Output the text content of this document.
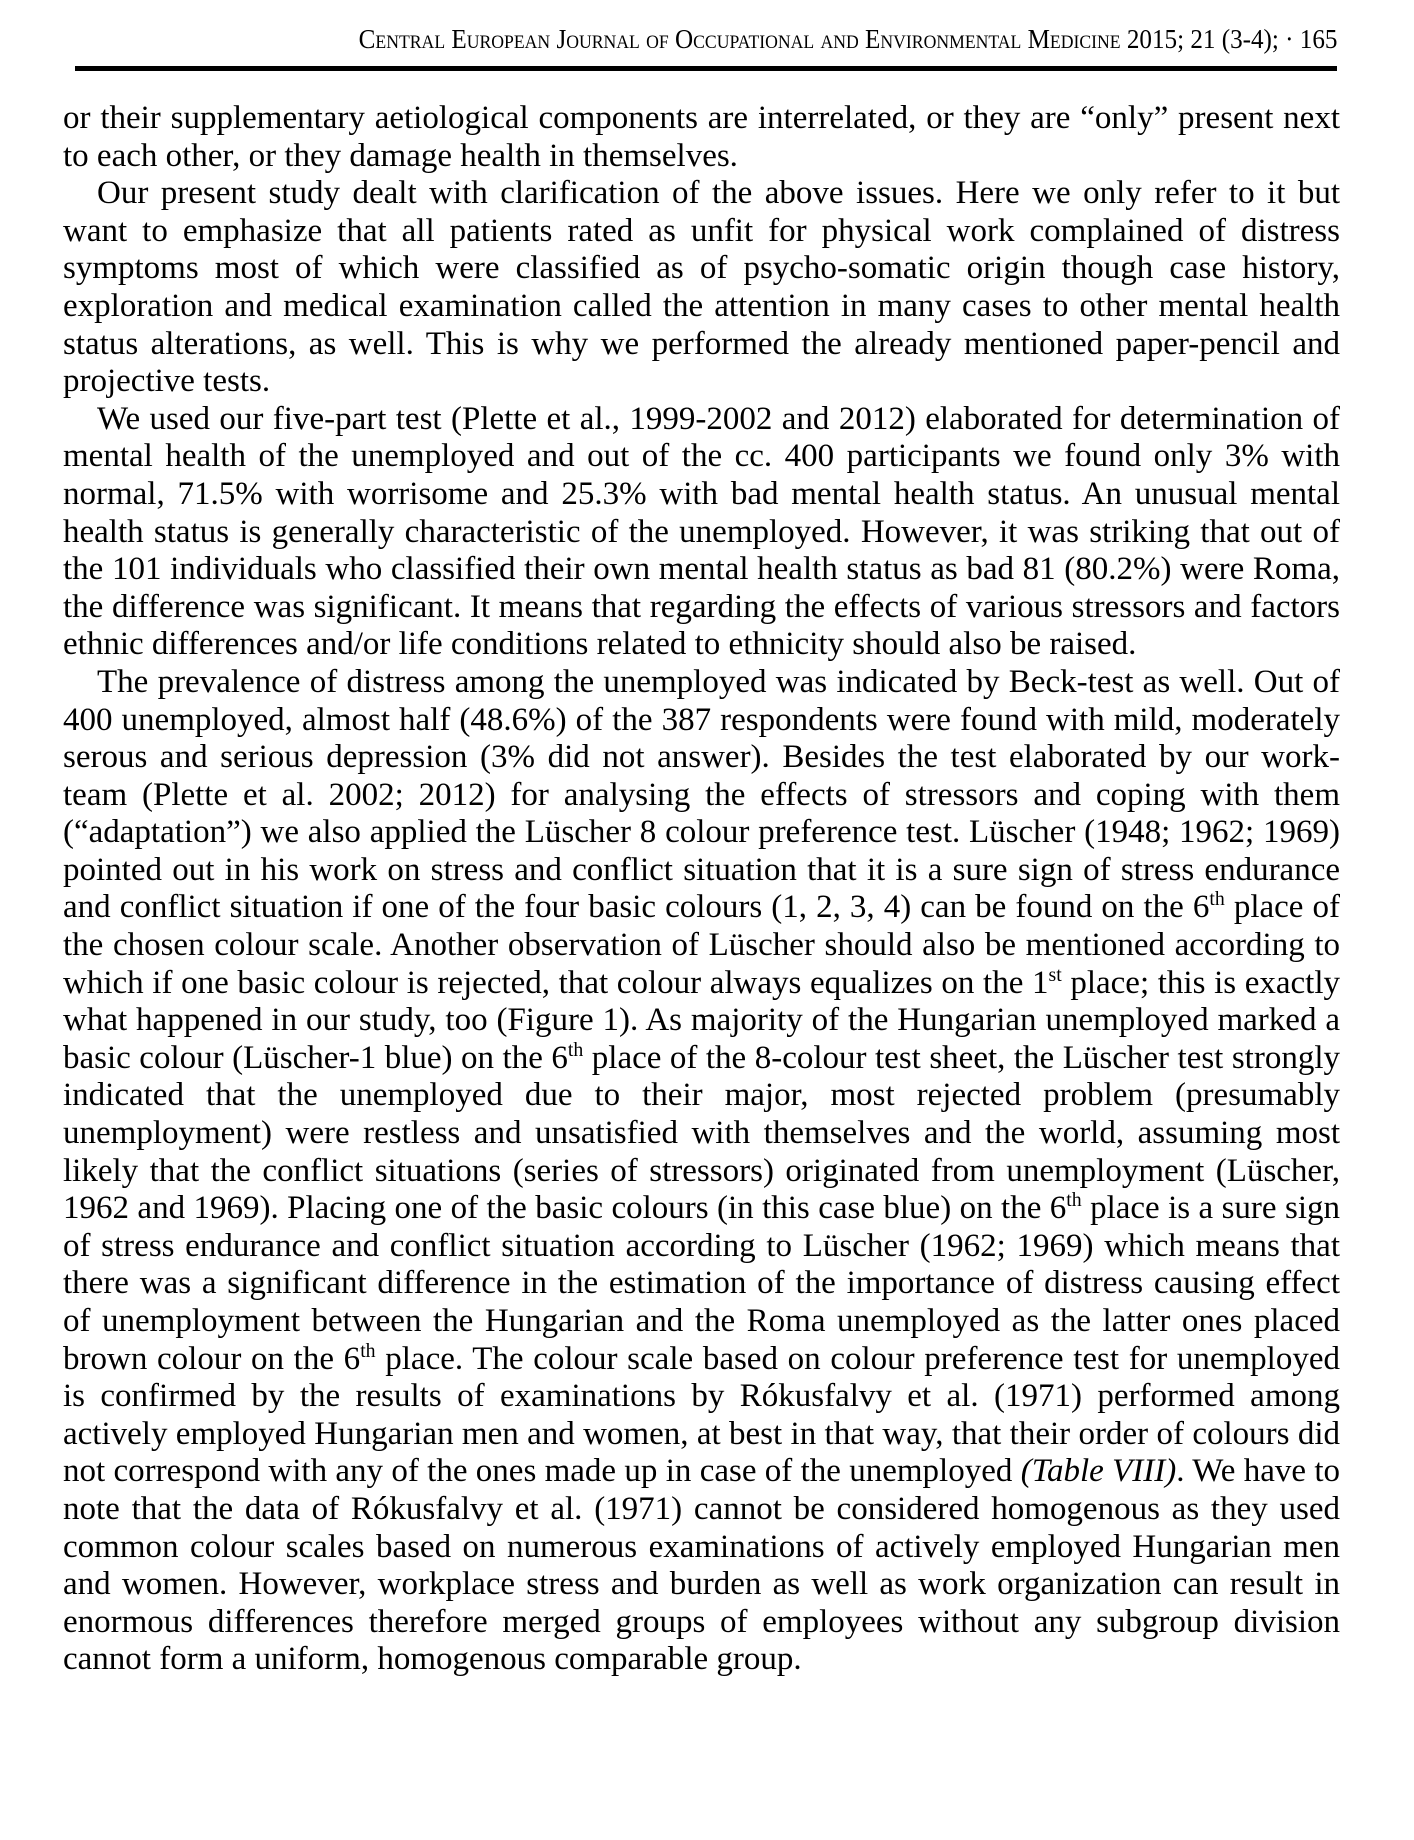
Central European Journal of Occupational and Environmental Medicine 2015; 21 (3-4); · 165

or their supplementary aetiological components are interrelated, or they are “only” present next to each other, or they damage health in themselves.

Our present study dealt with clarification of the above issues. Here we only refer to it but want to emphasize that all patients rated as unfit for physical work complained of distress symptoms most of which were classified as of psycho-somatic origin though case history, exploration and medical examination called the attention in many cases to other mental health status alterations, as well. This is why we performed the already mentioned paper-pencil and projective tests.

We used our five-part test (Plette et al., 1999-2002 and 2012) elaborated for determination of mental health of the unemployed and out of the cc. 400 participants we found only 3% with normal, 71.5% with worrisome and 25.3% with bad mental health status. An unusual mental health status is generally characteristic of the unemployed. However, it was striking that out of the 101 individuals who classified their own mental health status as bad 81 (80.2%) were Roma, the difference was significant. It means that regarding the effects of various stressors and factors ethnic differences and/or life conditions related to ethnicity should also be raised.

The prevalence of distress among the unemployed was indicated by Beck-test as well. Out of 400 unemployed, almost half (48.6%) of the 387 respondents were found with mild, moderately serous and serious depression (3% did not answer). Besides the test elaborated by our work-team (Plette et al. 2002; 2012) for analysing the effects of stressors and coping with them (“adaptation”) we also applied the Lüscher 8 colour preference test. Lüscher (1948; 1962; 1969) pointed out in his work on stress and conflict situation that it is a sure sign of stress endurance and conflict situation if one of the four basic colours (1, 2, 3, 4) can be found on the 6th place of the chosen colour scale. Another observation of Lüscher should also be mentioned according to which if one basic colour is rejected, that colour always equalizes on the 1st place; this is exactly what happened in our study, too (Figure 1). As majority of the Hungarian unemployed marked a basic colour (Lüscher-1 blue) on the 6th place of the 8-colour test sheet, the Lüscher test strongly indicated that the unemployed due to their major, most rejected problem (presumably unemployment) were restless and unsatisfied with themselves and the world, assuming most likely that the conflict situations (series of stressors) originated from unemployment (Lüscher, 1962 and 1969). Placing one of the basic colours (in this case blue) on the 6th place is a sure sign of stress endurance and conflict situation according to Lüscher (1962; 1969) which means that there was a significant difference in the estimation of the importance of distress causing effect of unemployment between the Hungarian and the Roma unemployed as the latter ones placed brown colour on the 6th place. The colour scale based on colour preference test for unemployed is confirmed by the results of examinations by Rókusfalvy et al. (1971) performed among actively employed Hungarian men and women, at best in that way, that their order of colours did not correspond with any of the ones made up in case of the unemployed (Table VIII). We have to note that the data of Rókusfalvy et al. (1971) cannot be considered homogenous as they used common colour scales based on numerous examinations of actively employed Hungarian men and women. However, workplace stress and burden as well as work organization can result in enormous differences therefore merged groups of employees without any subgroup division cannot form a uniform, homogenous comparable group.
